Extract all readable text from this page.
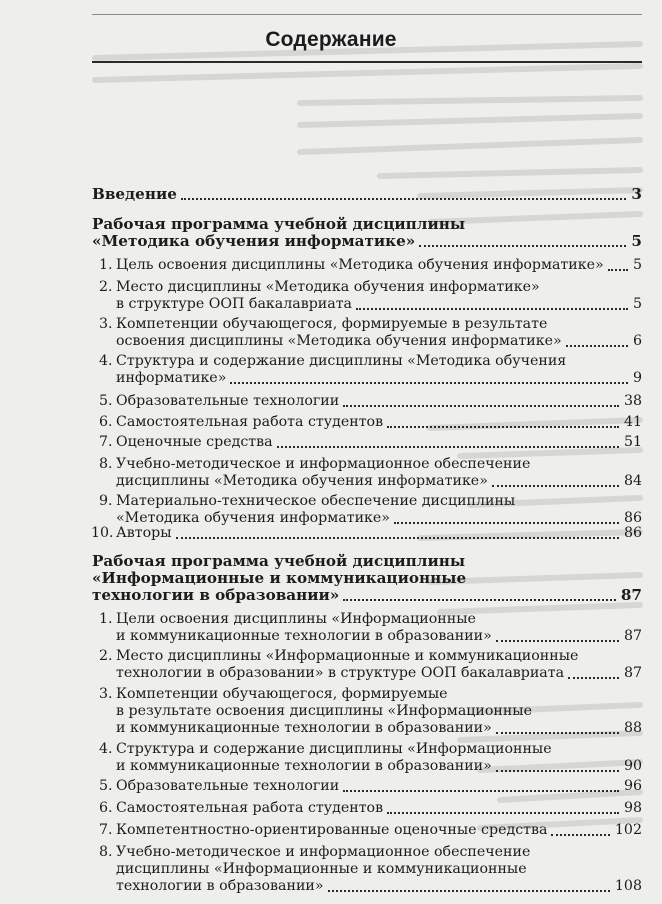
Содержание
Введение	3
Рабочая программа учебной дисциплины
«Методика обучения информатике»	5
1. Цель освоения дисциплины «Методика обучения информатике» 5
2. Место дисциплины «Методика обучения информатике»
в структуре ООП бакалавриата	5
3. Компетенции обучающегося, формируемые в результате
освоения дисциплины «Методика обучения информатике»	6
4. Структура и содержание дисциплины «Методика обучения
информатике»	9
5. Образовательные технологии	38
6. Самостоятельная работа студентов	41
7. Оценочные средства	51
8. Учебно-методическое и информационное обеспечение
дисциплины «Методика обучения информатике»	84
9. Материально-техническое обеспечение дисциплины
«Методика обучения информатике»	86
10. Авторы	86
Рабочая программа учебной дисциплины
«Информационные и коммуникационные
технологии в образовании»	87
1. Цели освоения дисциплины «Информационные
и коммуникационные технологии в образовании»	87
2. Место дисциплины «Информационные и коммуникационные
технологии в образовании» в структуре ООП бакалавриата	87
3. Компетенции обучающегося, формируемые
в результате освоения дисциплины «Информационные
и коммуникационные технологии в образовании»	88
4. Структура и содержание дисциплины «Информационные
и коммуникационные технологии в образовании»	90
5. Образовательные технологии	96
6. Самостоятельная работа студентов	98
7. Компетентностно-ориентированные оценочные средства	102
8. Учебно-методическое и информационное обеспечение
дисциплины «Информационные и коммуникационные
технологии в образовании»	108
